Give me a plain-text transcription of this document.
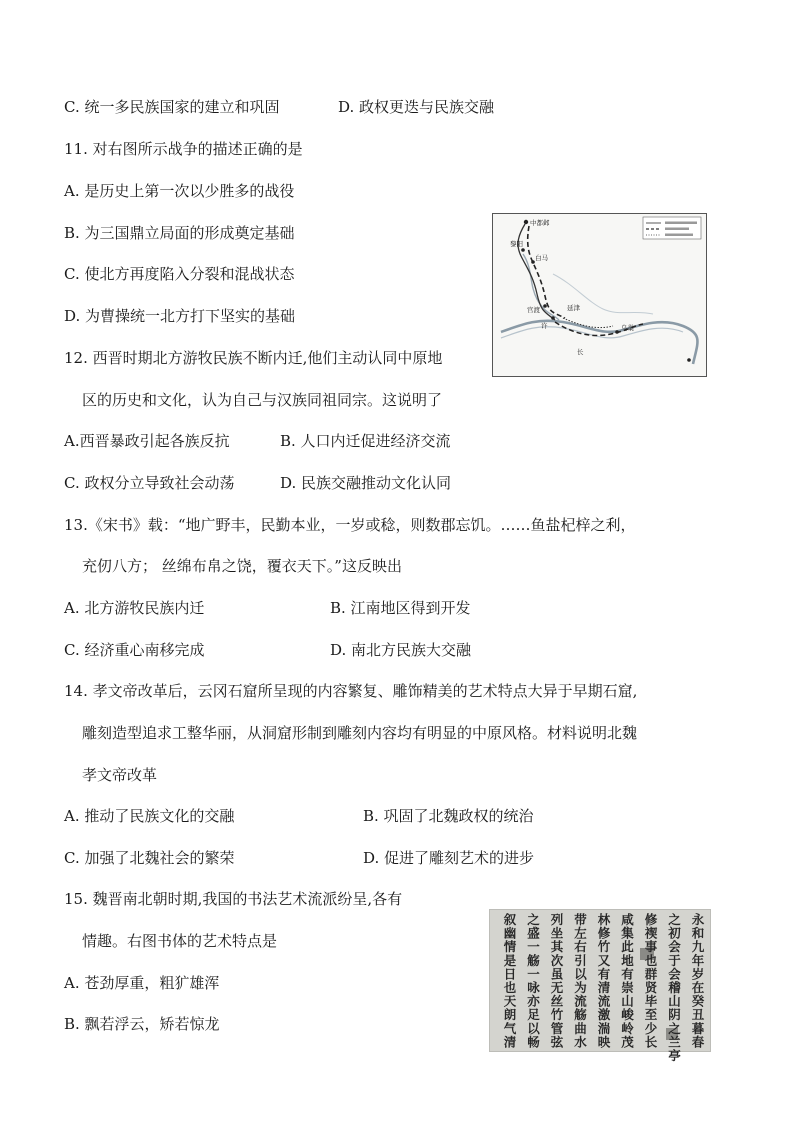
C. 统一多民族国家的建立和巩固	D. 政权更迭与民族交融
11. 对右图所示战争的描述正确的是
A. 是历史上第一次以少胜多的战役
B. 为三国鼎立局面的形成奠定基础
C. 使北方再度陷入分裂和混战状态
D. 为曹操统一北方打下坚实的基础
12. 西晋时期北方游牧民族不断内迁,他们主动认同中原地
区的历史和文化，认为自己与汉族同祖同宗。这说明了
A.西晋暴政引起各族反抗	B. 人口内迁促进经济交流
C. 政权分立导致社会动荡	D. 民族交融推动文化认同
13.《宋书》载：“地广野丰，民勤本业，一岁或稔，则数郡忘饥。……鱼盐杞梓之利，
充仞八方； 丝绵布帛之饶，覆衣天下。”这反映出
A. 北方游牧民族内迁	B. 江南地区得到开发
C. 经济重心南移完成	D. 南北方民族大交融
14. 孝文帝改革后，云冈石窟所呈现的内容繁复、雕饰精美的艺术特点大异于早期石窟,
雕刻造型追求工整华丽，从洞窟形制到雕刻内容均有明显的中原风格。材料说明北魏
孝文帝改革
A. 推动了民族文化的交融	B. 巩固了北魏政权的统治
C. 加强了北魏社会的繁荣	D. 促进了雕刻艺术的进步
15. 魏晋南北朝时期,我国的书法艺术流派纷呈,各有
情趣。右图书体的艺术特点是
A. 苍劲厚重，粗犷雄浑
B. 飘若浮云，矫若惊龙
中都邺
黎阳
白马
官渡
许	乌巢
延津
长
永
和
九
年
岁
在
癸
丑
暮
春
之
初
会
于
会
稽
山
阴
之
兰
亭
修
禊
事
也
群
贤
毕
至
少
长
咸
集
此
地
有
崇
山
峻
岭
茂
林
修
竹
又
有
清
流
激
湍
映
带
左
右
引
以
为
流
觞
曲
水
列
坐
其
次
虽
无
丝
竹
管
弦
之
盛
一
觞
一
咏
亦
足
以
畅
叙
幽
情
是
日
也
天
朗
气
清
